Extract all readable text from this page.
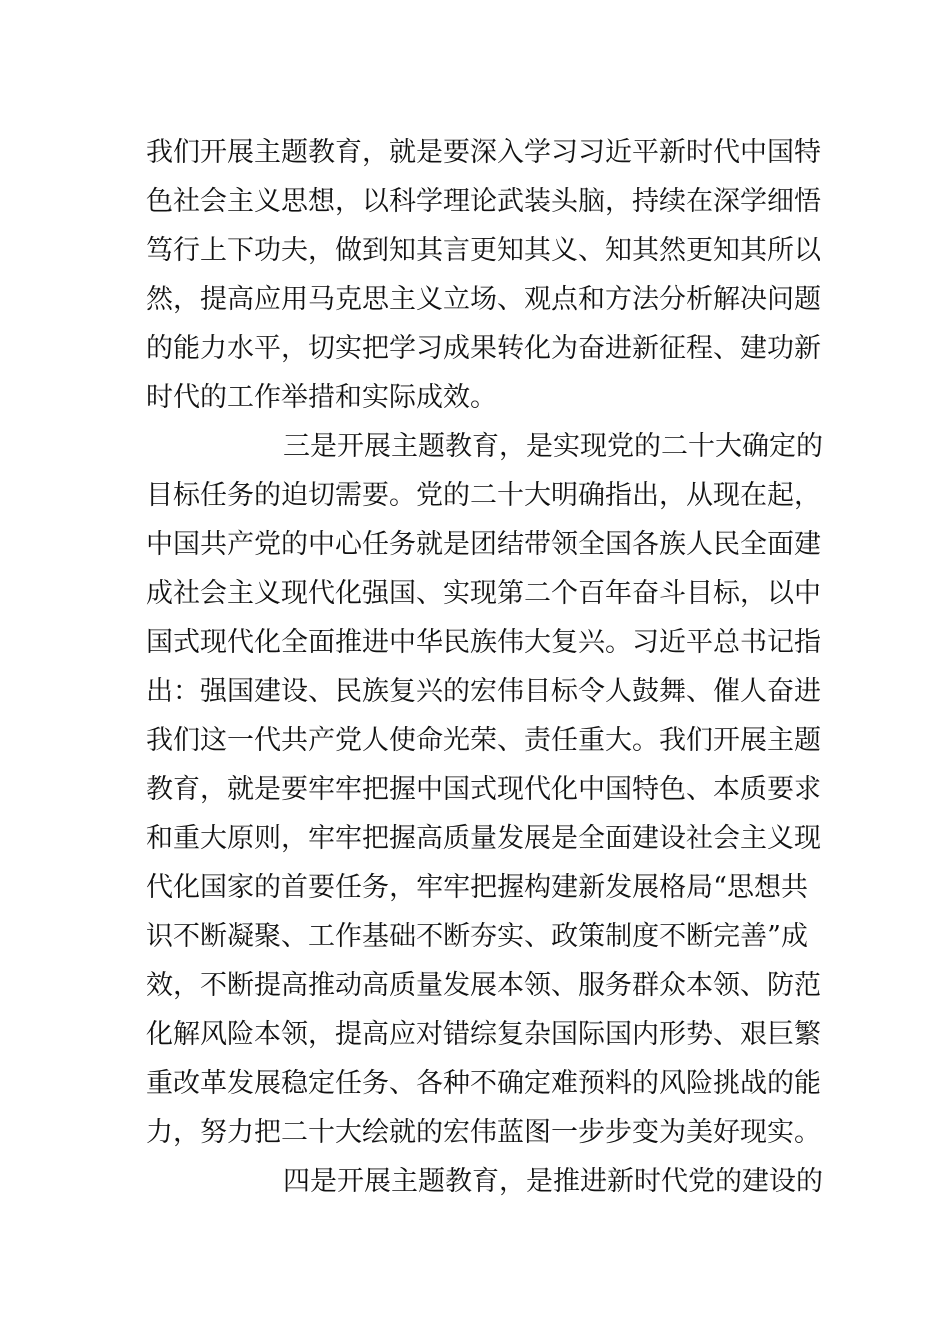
我们开展主题教育，就是要深入学习习近平新时代中国特
色社会主义思想，以科学理论武装头脑，持续在深学细悟
笃行上下功夫，做到知其言更知其义、知其然更知其所以
然，提高应用马克思主义立场、观点和方法分析解决问题
的能力水平，切实把学习成果转化为奋进新征程、建功新
时代的工作举措和实际成效。
三是开展主题教育，是实现党的二十大确定的
目标任务的迫切需要。党的二十大明确指出，从现在起，
中国共产党的中心任务就是团结带领全国各族人民全面建
成社会主义现代化强国、实现第二个百年奋斗目标，以中
国式现代化全面推进中华民族伟大复兴。习近平总书记指
出：强国建设、民族复兴的宏伟目标令人鼓舞、催人奋进
我们这一代共产党人使命光荣、责任重大。我们开展主题
教育，就是要牢牢把握中国式现代化中国特色、本质要求
和重大原则，牢牢把握高质量发展是全面建设社会主义现
代化国家的首要任务，牢牢把握构建新发展格局“思想共
识不断凝聚、工作基础不断夯实、政策制度不断完善”成
效，不断提高推动高质量发展本领、服务群众本领、防范
化解风险本领，提高应对错综复杂国际国内形势、艰巨繁
重改革发展稳定任务、各种不确定难预料的风险挑战的能
力，努力把二十大绘就的宏伟蓝图一步步变为美好现实。
四是开展主题教育，是推进新时代党的建设的
